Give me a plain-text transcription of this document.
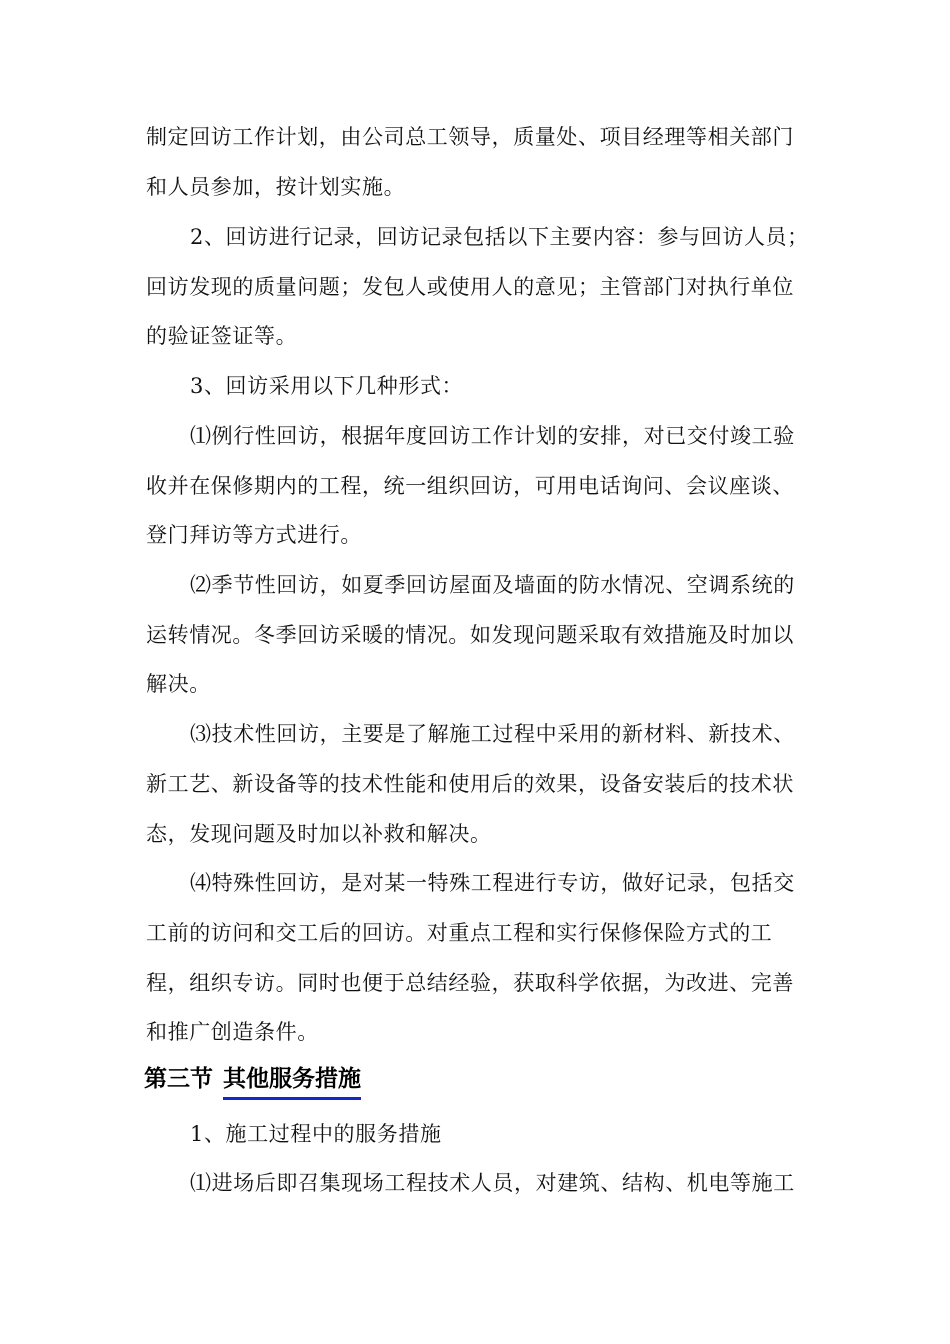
制定回访工作计划，由公司总工领导，质量处、项目经理等相关部门
和人员参加，按计划实施。
2、回访进行记录，回访记录包括以下主要内容：参与回访人员；
回访发现的质量问题；发包人或使用人的意见；主管部门对执行单位
的验证签证等。
3、回访采用以下几种形式：
⑴例行性回访，根据年度回访工作计划的安排，对已交付竣工验
收并在保修期内的工程，统一组织回访，可用电话询问、会议座谈、
登门拜访等方式进行。
⑵季节性回访，如夏季回访屋面及墙面的防水情况、空调系统的
运转情况。冬季回访采暖的情况。如发现问题采取有效措施及时加以
解决。
⑶技术性回访，主要是了解施工过程中采用的新材料、新技术、
新工艺、新设备等的技术性能和使用后的效果，设备安装后的技术状
态，发现问题及时加以补救和解决。
⑷特殊性回访，是对某一特殊工程进行专访，做好记录，包括交
工前的访问和交工后的回访。对重点工程和实行保修保险方式的工
程，组织专访。同时也便于总结经验，获取科学依据，为改进、完善
和推广创造条件。
第三节 其他服务措施
1、施工过程中的服务措施
⑴进场后即召集现场工程技术人员，对建筑、结构、机电等施工
